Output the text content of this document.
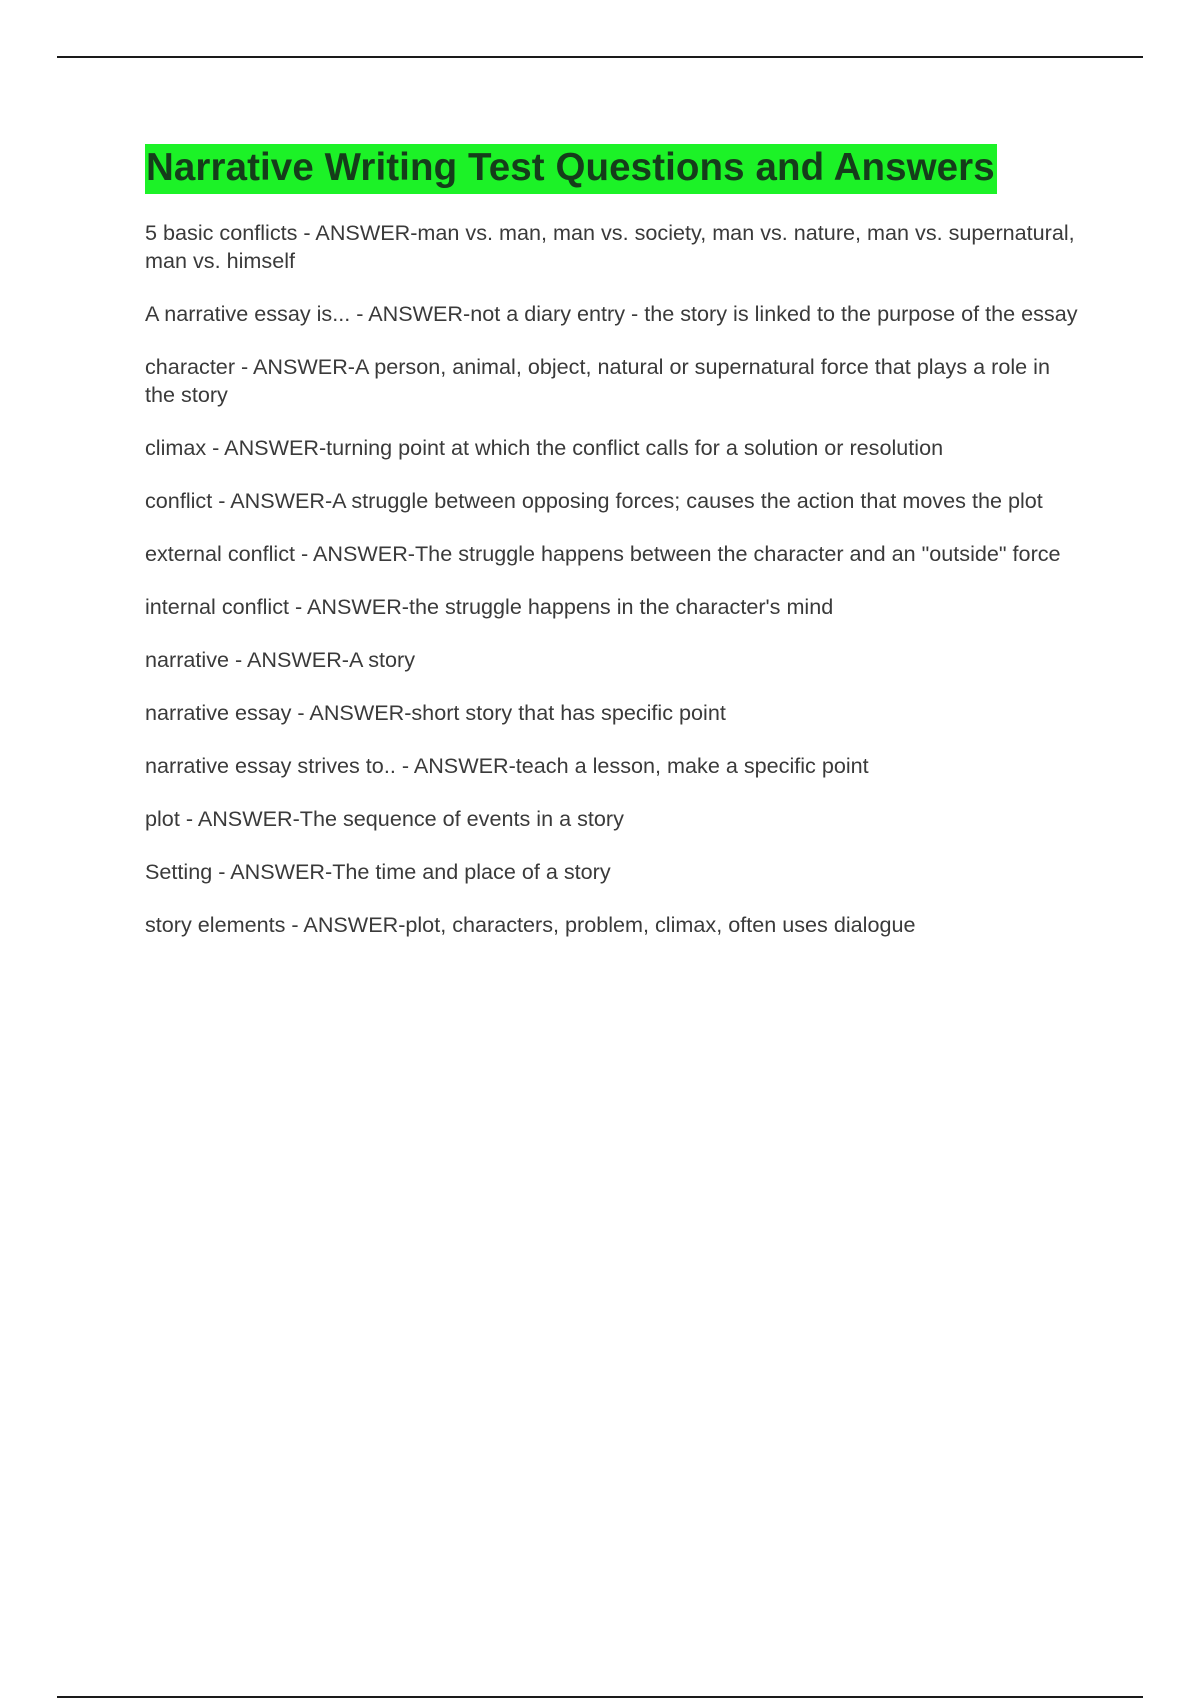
Narrative Writing Test Questions and Answers

5 basic conflicts - ANSWER-man vs. man, man vs. society, man vs. nature, man vs. supernatural, man vs. himself

A narrative essay is... - ANSWER-not a diary entry - the story is linked to the purpose of the essay

character - ANSWER-A person, animal, object, natural or supernatural force that plays a role in the story

climax - ANSWER-turning point at which the conflict calls for a solution or resolution

conflict - ANSWER-A struggle between opposing forces; causes the action that moves the plot

external conflict - ANSWER-The struggle happens between the character and an "outside" force

internal conflict - ANSWER-the struggle happens in the character's mind

narrative - ANSWER-A story

narrative essay - ANSWER-short story that has specific point

narrative essay strives to.. - ANSWER-teach a lesson, make a specific point

plot - ANSWER-The sequence of events in a story

Setting - ANSWER-The time and place of a story

story elements - ANSWER-plot, characters, problem, climax, often uses dialogue
